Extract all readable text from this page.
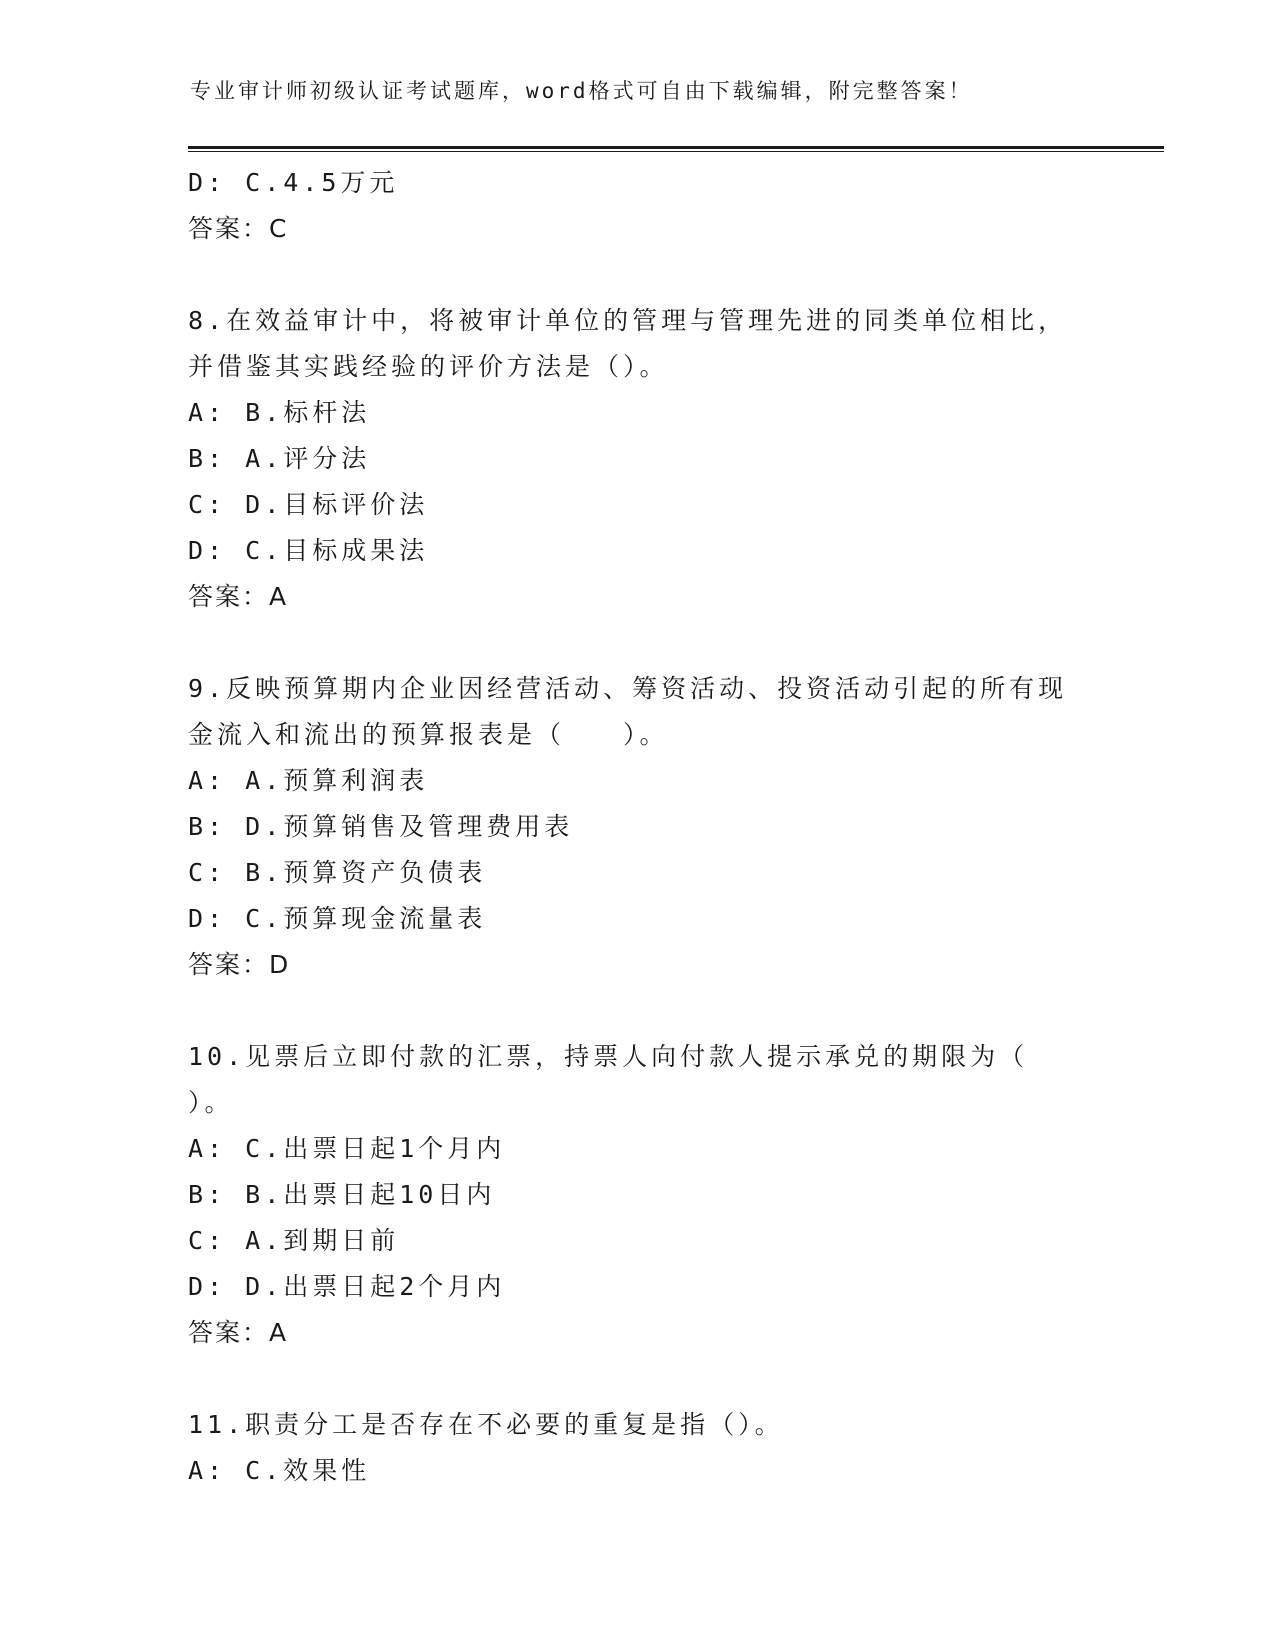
专业审计师初级认证考试题库，word格式可自由下载编辑，附完整答案！
D: C.4.5万元
答案：C
8.在效益审计中，将被审计单位的管理与管理先进的同类单位相比，
并借鉴其实践经验的评价方法是（）。
A: B.标杆法
B: A.评分法
C: D.目标评价法
D: C.目标成果法
答案：A
9.反映预算期内企业因经营活动、筹资活动、投资活动引起的所有现
金流入和流出的预算报表是（　　）。
A: A.预算利润表
B: D.预算销售及管理费用表
C: B.预算资产负债表
D: C.预算现金流量表
答案：D
10.见票后立即付款的汇票，持票人向付款人提示承兑的期限为（
）。
A: C.出票日起1个月内
B: B.出票日起10日内
C: A.到期日前
D: D.出票日起2个月内
答案：A
11.职责分工是否存在不必要的重复是指（）。
A: C.效果性
